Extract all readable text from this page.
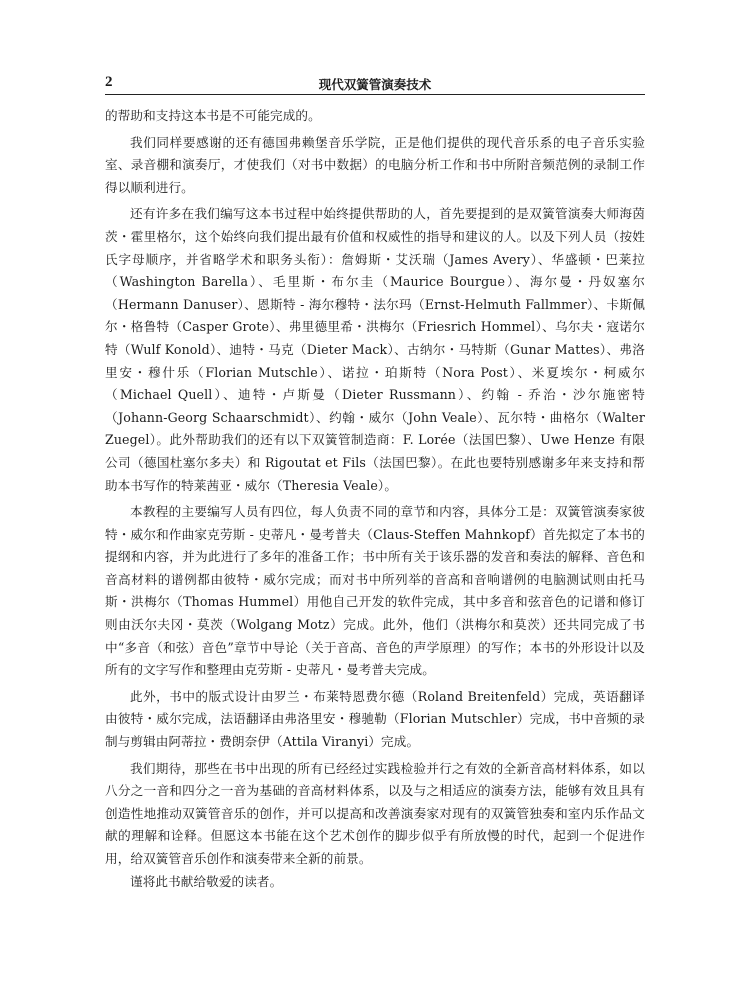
2	现代双簧管演奏技术

的帮助和支持这本书是不可能完成的。

我们同样要感谢的还有德国弗赖堡音乐学院，正是他们提供的现代音乐系的电子音乐实验室、录音棚和演奏厅，才使我们（对书中数据）的电脑分析工作和书中所附音频范例的录制工作得以顺利进行。

还有许多在我们编写这本书过程中始终提供帮助的人，首先要提到的是双簧管演奏大师海茵茨・霍里格尔，这个始终向我们提出最有价值和权威性的指导和建议的人。以及下列人员（按姓氏字母顺序，并省略学术和职务头衔）：詹姆斯・艾沃瑞（James Avery）、华盛顿・巴莱拉（Washington Barella）、毛里斯・布尔圭（Maurice Bourgue）、海尔曼・丹奴塞尔（Hermann Danuser）、恩斯特 - 海尔穆特・法尔玛（Ernst-Helmuth Fallmmer）、卡斯佩尔・格鲁特（Casper Grote）、弗里德里希・洪梅尔（Friesrich Hommel）、乌尔夫・寇诺尔特（Wulf Konold）、迪特・马克（Dieter Mack）、古纳尔・马特斯（Gunar Mattes）、弗洛里安・穆什乐（Florian Mutschle）、诺拉・珀斯特（Nora Post）、米夏埃尔・柯威尔（Michael Quell）、迪特・卢斯曼（Dieter Russmann）、约翰 - 乔治・沙尔施密特（Johann-Georg Schaarschmidt）、约翰・威尔（John Veale）、瓦尔特・曲格尔（Walter Zuegel）。此外帮助我们的还有以下双簧管制造商：F. Lorée（法国巴黎）、Uwe Henze 有限公司（德国杜塞尔多夫）和 Rigoutat et Fils（法国巴黎）。在此也要特别感谢多年来支持和帮助本书写作的特莱茜亚・威尔（Theresia Veale）。

本教程的主要编写人员有四位，每人负责不同的章节和内容，具体分工是：双簧管演奏家彼特・威尔和作曲家克劳斯 - 史蒂凡・曼考普夫（Claus-Steffen Mahnkopf）首先拟定了本书的提纲和内容，并为此进行了多年的准备工作；书中所有关于该乐器的发音和奏法的解释、音色和音高材料的谱例都由彼特・威尔完成；而对书中所列举的音高和音响谱例的电脑测试则由托马斯・洪梅尔（Thomas Hummel）用他自己开发的软件完成，其中多音和弦音色的记谱和修订则由沃尔夫冈・莫茨（Wolgang Motz）完成。此外，他们（洪梅尔和莫茨）还共同完成了书中“多音（和弦）音色”章节中导论（关于音高、音色的声学原理）的写作；本书的外形设计以及所有的文字写作和整理由克劳斯 - 史蒂凡・曼考普夫完成。

此外，书中的版式设计由罗兰・布莱特恩费尔德（Roland Breitenfeld）完成，英语翻译由彼特・威尔完成，法语翻译由弗洛里安・穆驰勒（Florian Mutschler）完成，书中音频的录制与剪辑由阿蒂拉・费朗奈伊（Attila Viranyi）完成。

我们期待，那些在书中出现的所有已经经过实践检验并行之有效的全新音高材料体系，如以八分之一音和四分之一音为基础的音高材料体系，以及与之相适应的演奏方法，能够有效且具有创造性地推动双簧管音乐的创作，并可以提高和改善演奏家对现有的双簧管独奏和室内乐作品文献的理解和诠释。但愿这本书能在这个艺术创作的脚步似乎有所放慢的时代，起到一个促进作用，给双簧管音乐创作和演奏带来全新的前景。

谨将此书献给敬爱的读者。
